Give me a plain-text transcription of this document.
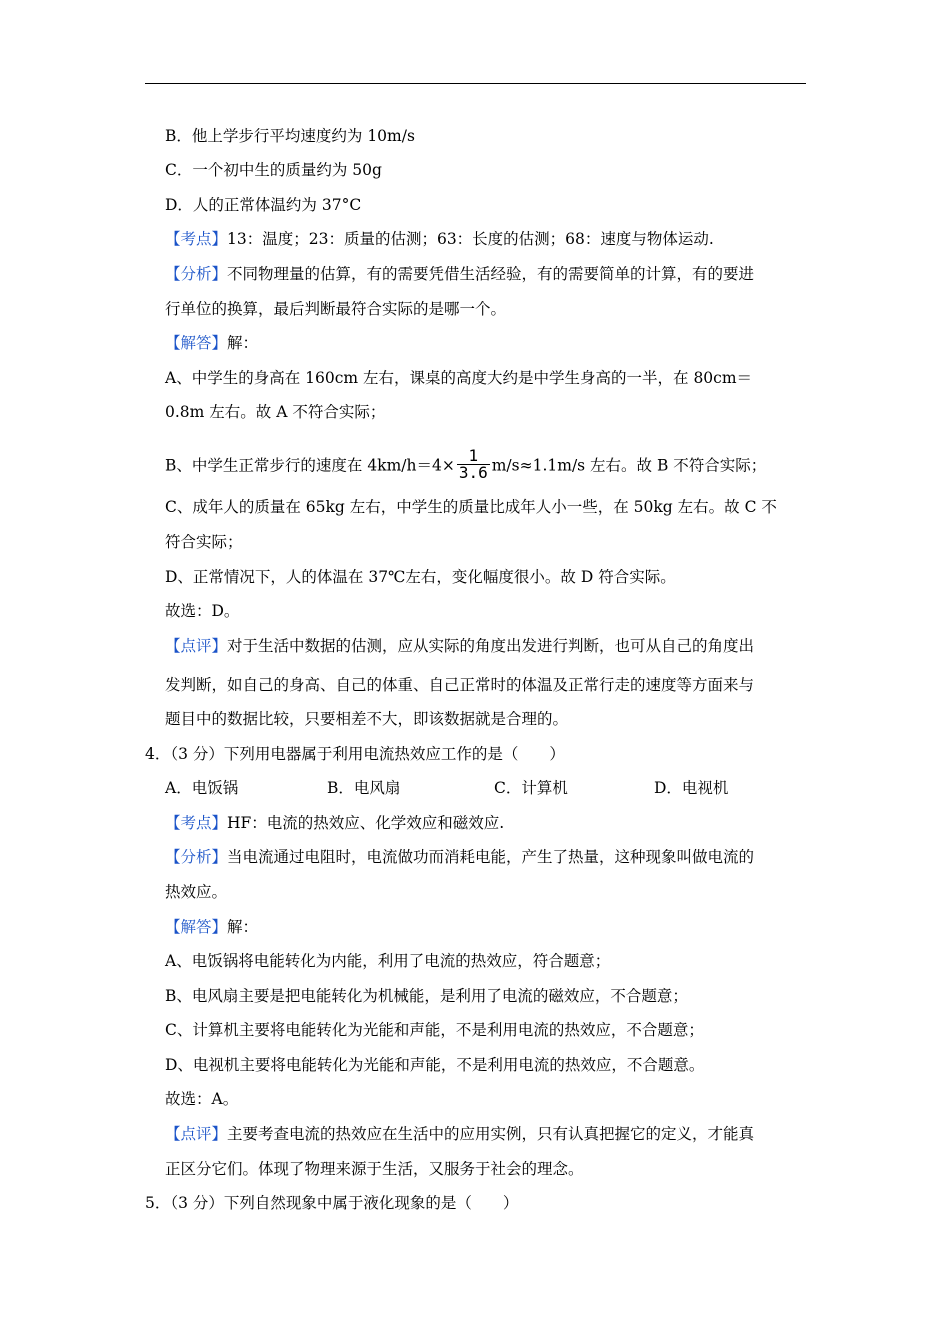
B．他上学步行平均速度约为 10m/s
C．一个初中生的质量约为 50g
D．人的正常体温约为 37°C
【考点】13：温度；23：质量的估测；63：长度的估测；68：速度与物体运动.
【分析】不同物理量的估算，有的需要凭借生活经验，有的需要简单的计算，有的要进
行单位的换算，最后判断最符合实际的是哪一个。
【解答】解：
A、中学生的身高在 160cm 左右，课桌的高度大约是中学生身高的一半，在 80cm＝
0.8m 左右。故 A 不符合实际；
B、中学生正常步行的速度在 $4km/h=4\times \frac{1}{3.6} m/s\approx 1.1m/s$ 左右。故 B 不符合实际；
C、成年人的质量在 65kg 左右，中学生的质量比成年人小一些，在 50kg 左右。故 C 不
符合实际；
D、正常情况下，人的体温在 37℃左右，变化幅度很小。故 D 符合实际。
故选：D。
【点评】对于生活中数据的估测，应从实际的角度出发进行判断，也可从自己的角度出
发判断，如自己的身高、自己的体重、自己正常时的体温及正常行走的速度等方面来与
题目中的数据比较，只要相差不大，即该数据就是合理的。
4．（3 分）下列用电器属于利用电流热效应工作的是（　　）
A．电饭锅	B．电风扇	C．计算机	D．电视机
【考点】HF：电流的热效应、化学效应和磁效应.
【分析】当电流通过电阻时，电流做功而消耗电能，产生了热量，这种现象叫做电流的
热效应。
【解答】解：
A、电饭锅将电能转化为内能，利用了电流的热效应，符合题意；
B、电风扇主要是把电能转化为机械能，是利用了电流的磁效应，不合题意；
C、计算机主要将电能转化为光能和声能，不是利用电流的热效应，不合题意；
D、电视机主要将电能转化为光能和声能，不是利用电流的热效应，不合题意。
故选：A。
【点评】主要考查电流的热效应在生活中的应用实例，只有认真把握它的定义，才能真
正区分它们。体现了物理来源于生活，又服务于社会的理念。
5．（3 分）下列自然现象中属于液化现象的是（　　）
